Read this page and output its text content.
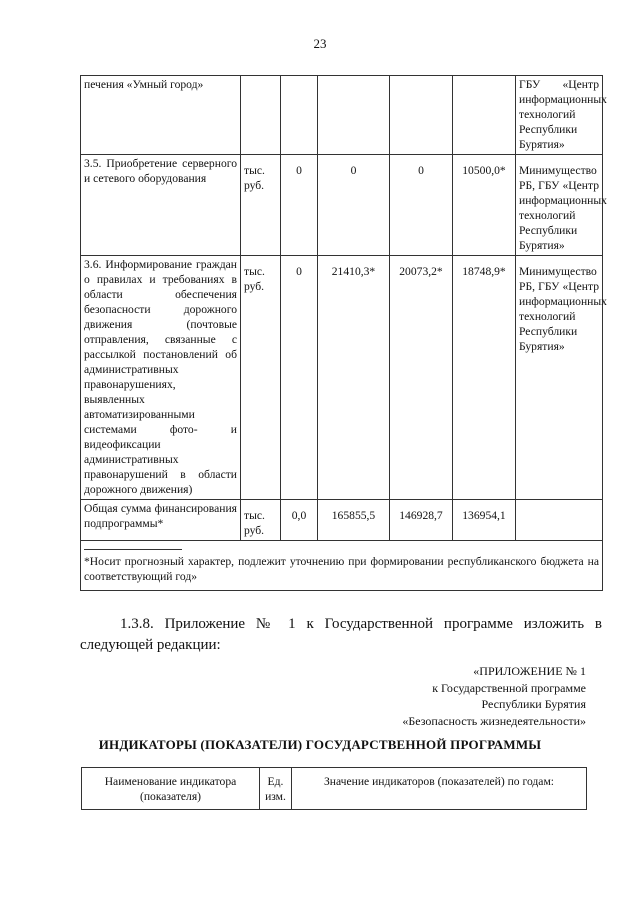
23
печения «Умный город»						ГБУ «Центр информационных технологий Республики Бурятия»
3.5. Приобретение серверного и сетевого оборудования	тыс. руб.	0	0	0	10500,0*	Минимущество РБ, ГБУ «Центр информационных технологий Республики Бурятия»
3.6. Информирование граждан о правилах и требованиях в области обеспечения безопасности дорожного движения (почтовые отправления, связанные с рассылкой постановлений об административных правонарушениях, выявленных автоматизированными системами фото- и видеофиксации административных правонарушений в области дорожного движения)	тыс. руб.	0	21410,3*	20073,2*	18748,9*	Минимущество РБ, ГБУ «Центр информационных технологий Республики Бурятия»
Общая сумма финансирования подпрограммы*	тыс. руб.	0,0	165855,5	146928,7	136954,1	

*Носит прогнозный характер, подлежит уточнению при формировании республиканского бюджета на соответствующий год»						
1.3.8. Приложение № 1 к Государственной программе изложить в следующей редакции:
«ПРИЛОЖЕНИЕ № 1
к Государственной программе
Республики Бурятия
«Безопасность жизнедеятельности»
ИНДИКАТОРЫ (ПОКАЗАТЕЛИ) ГОСУДАРСТВЕННОЙ ПРОГРАММЫ
Наименование индикатора (показателя)	Ед. изм.	Значение индикаторов (показателей) по годам:
